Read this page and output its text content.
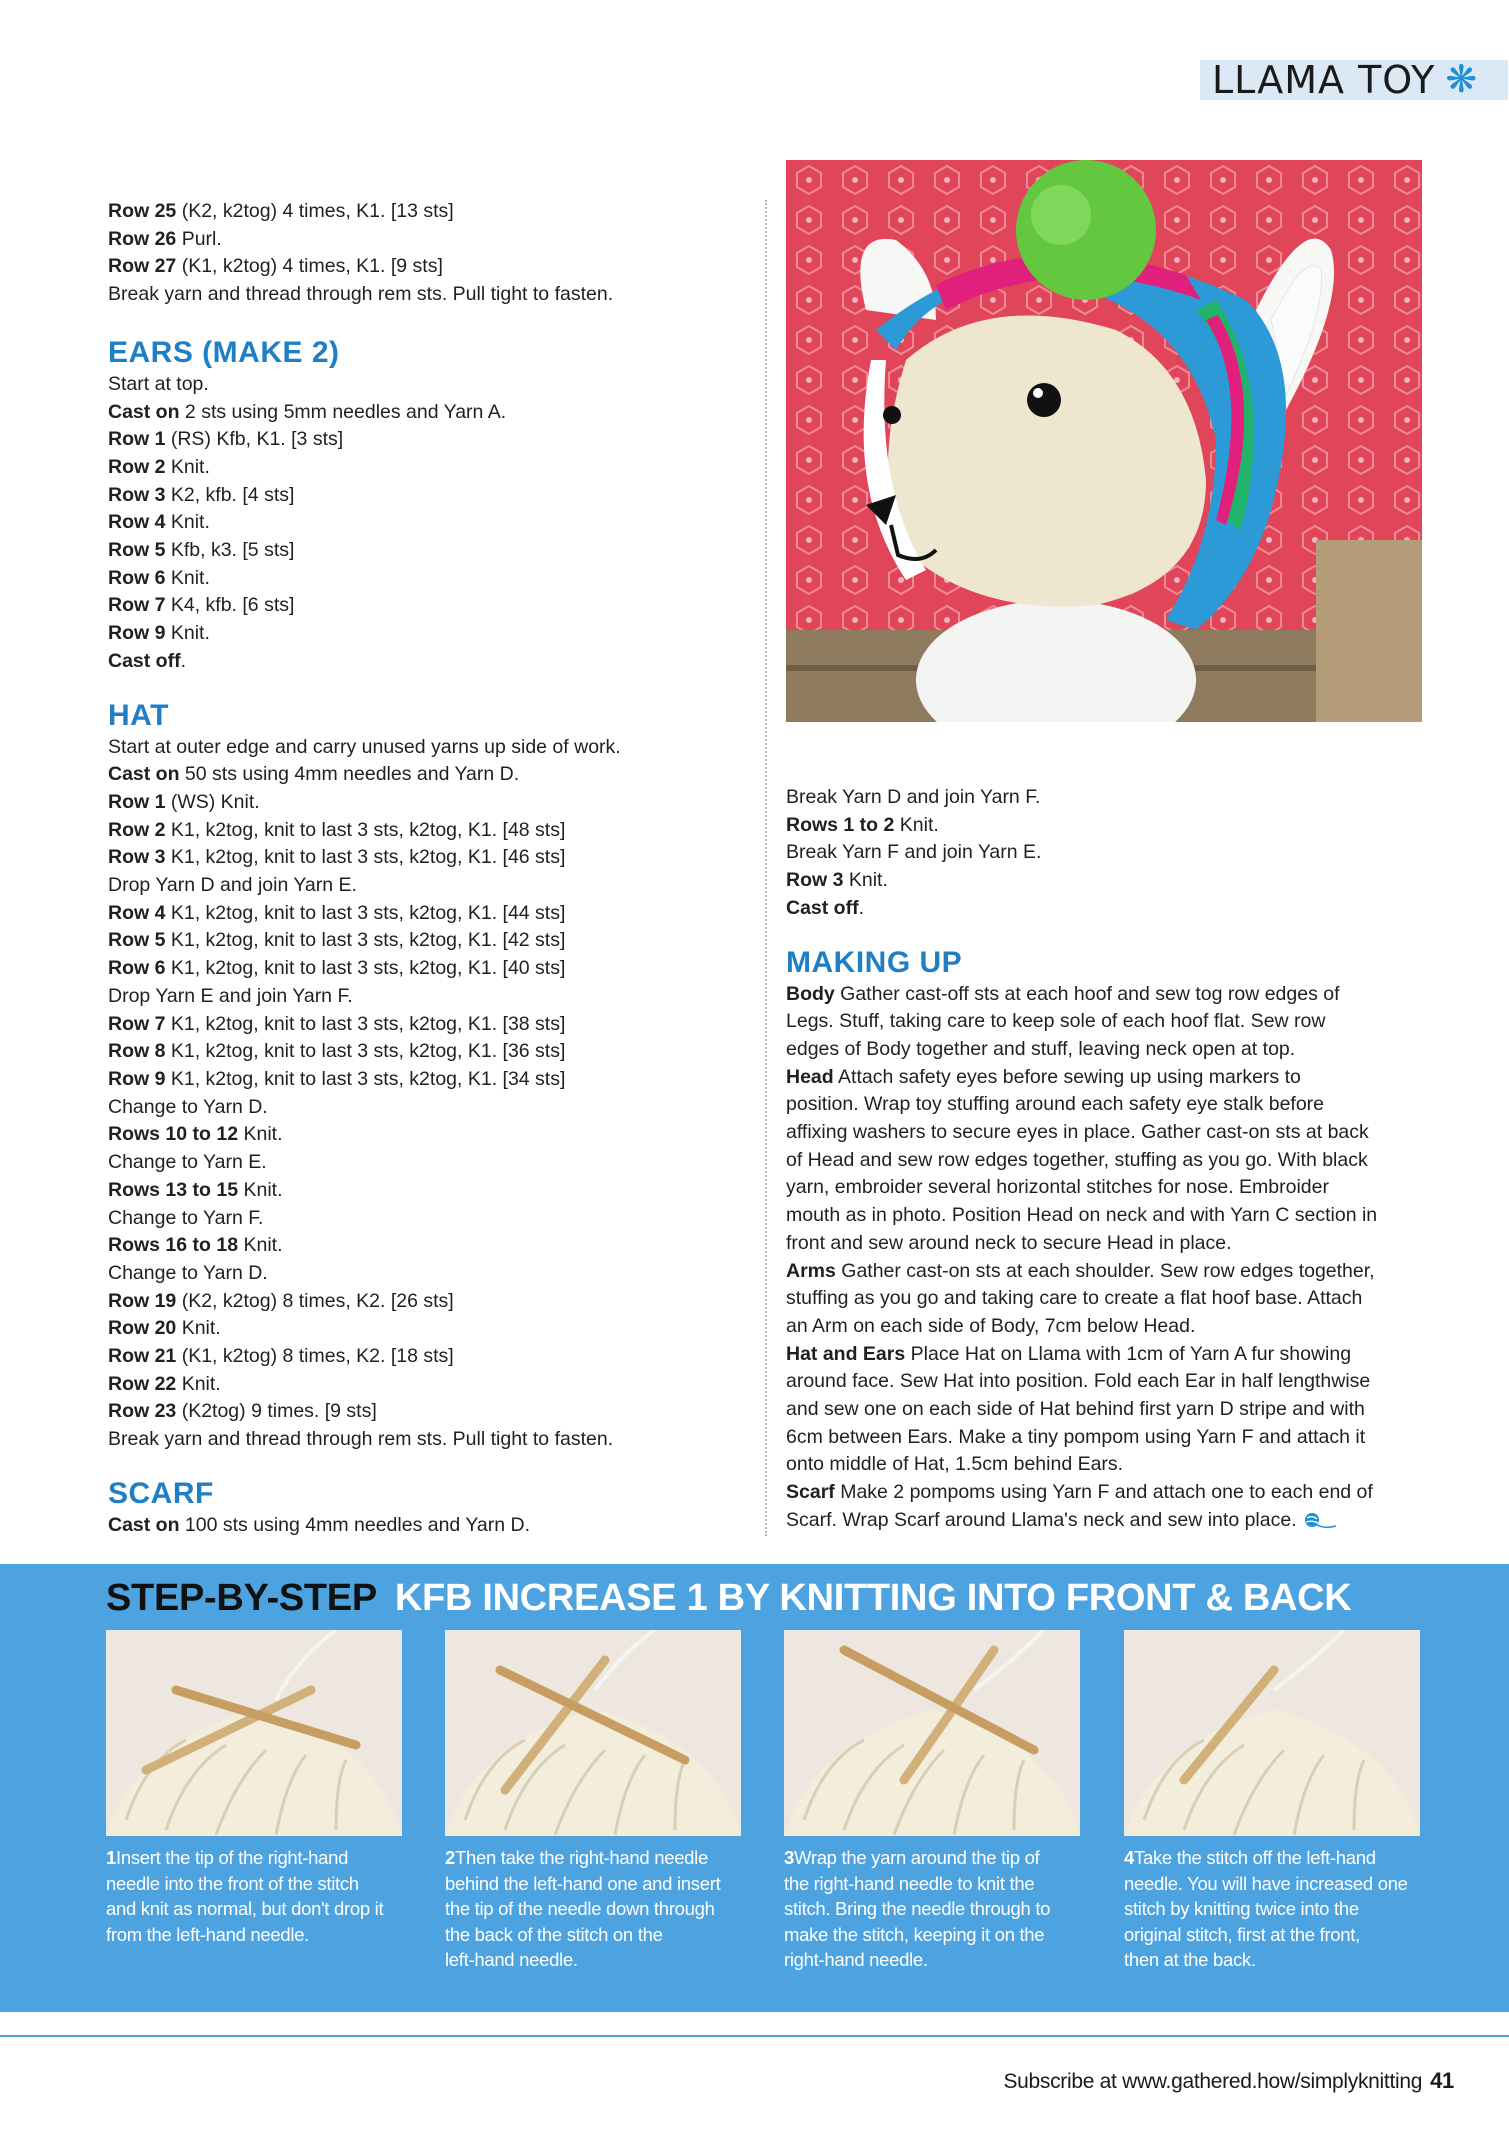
LLAMA TOY ❋

Row 25 (K2, k2tog) 4 times, K1. [13 sts]

Row 26 Purl.

Row 27 (K1, k2tog) 4 times, K1. [9 sts]

Break yarn and thread through rem sts. Pull tight to fasten.

EARS (MAKE 2)

Start at top.

Cast on 2 sts using 5mm needles and Yarn A.

Row 1 (RS) Kfb, K1. [3 sts]

Row 2 Knit.

Row 3 K2, kfb. [4 sts]

Row 4 Knit.

Row 5 Kfb, k3. [5 sts]

Row 6 Knit.

Row 7 K4, kfb. [6 sts]

Row 9 Knit.

Cast off.

HAT

Start at outer edge and carry unused yarns up side of work.

Cast on 50 sts using 4mm needles and Yarn D.

Row 1 (WS) Knit.

Row 2 K1, k2tog, knit to last 3 sts, k2tog, K1. [48 sts]

Row 3 K1, k2tog, knit to last 3 sts, k2tog, K1. [46 sts]

Drop Yarn D and join Yarn E.

Row 4 K1, k2tog, knit to last 3 sts, k2tog, K1. [44 sts]

Row 5 K1, k2tog, knit to last 3 sts, k2tog, K1. [42 sts]

Row 6 K1, k2tog, knit to last 3 sts, k2tog, K1. [40 sts]

Drop Yarn E and join Yarn F.

Row 7 K1, k2tog, knit to last 3 sts, k2tog, K1. [38 sts]

Row 8 K1, k2tog, knit to last 3 sts, k2tog, K1. [36 sts]

Row 9 K1, k2tog, knit to last 3 sts, k2tog, K1. [34 sts]

Change to Yarn D.

Rows 10 to 12 Knit.

Change to Yarn E.

Rows 13 to 15 Knit.

Change to Yarn F.

Rows 16 to 18 Knit.

Change to Yarn D.

Row 19 (K2, k2tog) 8 times, K2. [26 sts]

Row 20 Knit.

Row 21 (K1, k2tog) 8 times, K2. [18 sts]

Row 22 Knit.

Row 23 (K2tog) 9 times. [9 sts]

Break yarn and thread through rem sts. Pull tight to fasten.

SCARF

Cast on 100 sts using 4mm needles and Yarn D.

Break Yarn D and join Yarn F.

Rows 1 to 2 Knit.

Break Yarn F and join Yarn E.

Row 3 Knit.

Cast off.

MAKING UP

Body Gather cast-off sts at each hoof and sew tog row edges of

Legs. Stuff, taking care to keep sole of each hoof flat. Sew row

edges of Body together and stuff, leaving neck open at top.

Head Attach safety eyes before sewing up using markers to

position. Wrap toy stuffing around each safety eye stalk before

affixing washers to secure eyes in place. Gather cast-on sts at back

of Head and sew row edges together, stuffing as you go. With black

yarn, embroider several horizontal stitches for nose. Embroider

mouth as in photo. Position Head on neck and with Yarn C section in

front and sew around neck to secure Head in place.

Arms Gather cast-on sts at each shoulder. Sew row edges together,

stuffing as you go and taking care to create a flat hoof base. Attach

an Arm on each side of Body, 7cm below Head.

Hat and Ears Place Hat on Llama with 1cm of Yarn A fur showing

around face. Sew Hat into position. Fold each Ear in half lengthwise

and sew one on each side of Hat behind first yarn D stripe and with

6cm between Ears. Make a tiny pompom using Yarn F and attach it

onto middle of Hat, 1.5cm behind Ears.

Scarf Make 2 pompoms using Yarn F and attach one to each end of

Scarf. Wrap Scarf around Llama's neck and sew into place.

STEP-BY-STEP KFB INCREASE 1 BY KNITTING INTO FRONT & BACK
1Insert the tip of the right-hand
needle into the front of the stitch
and knit as normal, but don't drop it
from the left-hand needle.
2Then take the right-hand needle
behind the left-hand one and insert
the tip of the needle down through
the back of the stitch on the
left-hand needle.
3Wrap the yarn around the tip of
the right-hand needle to knit the
stitch. Bring the needle through to
make the stitch, keeping it on the
right-hand needle.
4Take the stitch off the left-hand
needle. You will have increased one
stitch by knitting twice into the
original stitch, first at the front,
then at the back.
Subscribe at www.gathered.how/simplyknitting 41
